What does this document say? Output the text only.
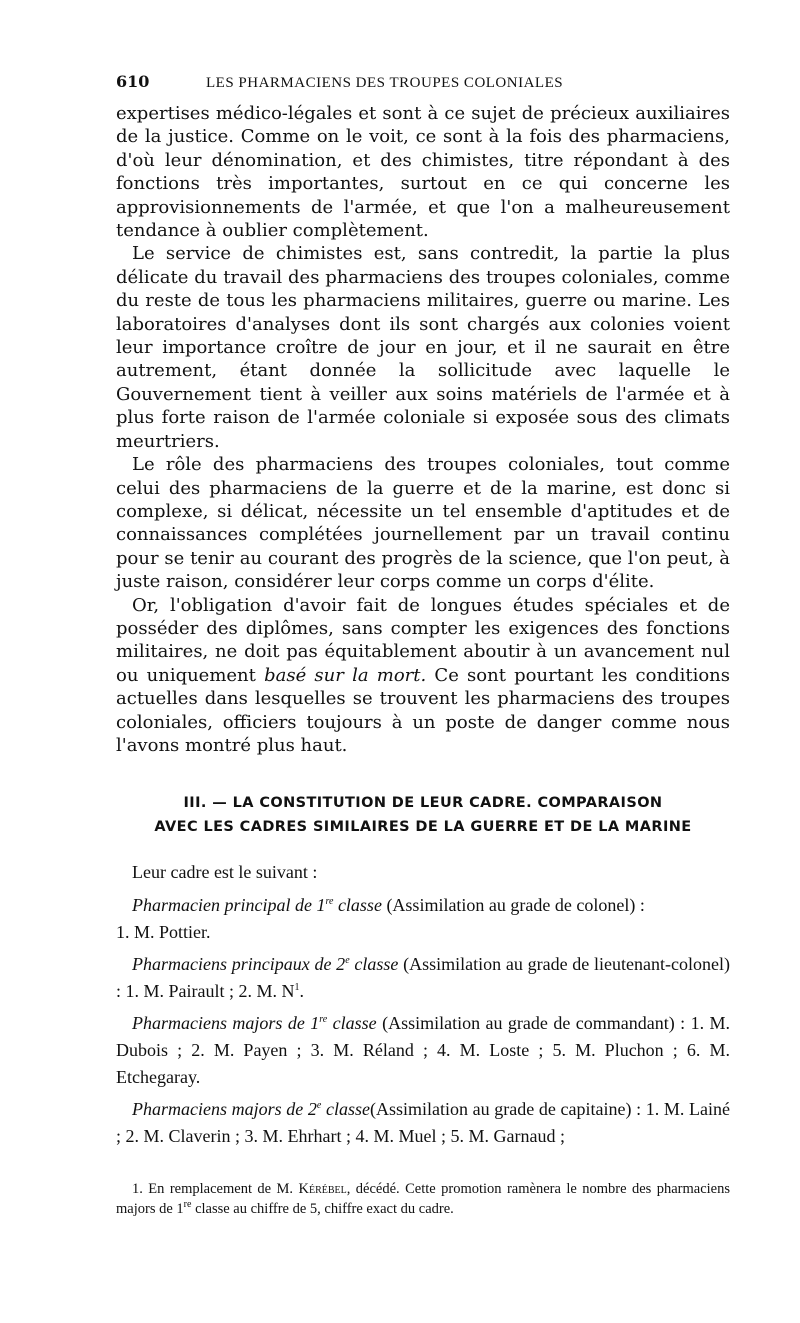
610	LES PHARMACIENS DES TROUPES COLONIALES

expertises médico-légales et sont à ce sujet de précieux auxiliaires de la justice. Comme on le voit, ce sont à la fois des pharmaciens, d'où leur dénomination, et des chimistes, titre répondant à des fonctions très importantes, surtout en ce qui concerne les approvisionnements de l'armée, et que l'on a malheureusement tendance à oublier complètement.

Le service de chimistes est, sans contredit, la partie la plus délicate du travail des pharmaciens des troupes coloniales, comme du reste de tous les pharmaciens militaires, guerre ou marine. Les laboratoires d'analyses dont ils sont chargés aux colonies voient leur importance croître de jour en jour, et il ne saurait en être autrement, étant donnée la sollicitude avec laquelle le Gouvernement tient à veiller aux soins matériels de l'armée et à plus forte raison de l'armée coloniale si exposée sous des climats meurtriers.

Le rôle des pharmaciens des troupes coloniales, tout comme celui des pharmaciens de la guerre et de la marine, est donc si complexe, si délicat, nécessite un tel ensemble d'aptitudes et de connaissances complétées journellement par un travail continu pour se tenir au courant des progrès de la science, que l'on peut, à juste raison, considérer leur corps comme un corps d'élite.

Or, l'obligation d'avoir fait de longues études spéciales et de posséder des diplômes, sans compter les exigences des fonctions militaires, ne doit pas équitablement aboutir à un avancement nul ou uniquement basé sur la mort. Ce sont pourtant les conditions actuelles dans lesquelles se trouvent les pharmaciens des troupes coloniales, officiers toujours à un poste de danger comme nous l'avons montré plus haut.

III. — LA CONSTITUTION DE LEUR CADRE. COMPARAISON
AVEC LES CADRES SIMILAIRES DE LA GUERRE ET DE LA MARINE

Leur cadre est le suivant :

Pharmacien principal de 1re classe (Assimilation au grade de colonel) :
1. M. Pottier.

Pharmaciens principaux de 2e classe (Assimilation au grade de lieutenant-colonel) : 1. M. Pairault ; 2. M. $N^1$.

Pharmaciens majors de 1re classe (Assimilation au grade de commandant) : 1. M. Dubois ; 2. M. Payen ; 3. M. Réland ; 4. M. Loste ; 5. M. Pluchon ; 6. M. Etchegaray.

Pharmaciens majors de 2e classe(Assimilation au grade de capitaine) : 1. M. Lainé ; 2. M. Claverin ; 3. M. Ehrhart ; 4. M. Muel ; 5. M. Garnaud ;

1. En remplacement de M. Kérébel, décédé. Cette promotion ramènera le nombre des pharmaciens majors de 1re classe au chiffre de 5, chiffre exact du cadre.
